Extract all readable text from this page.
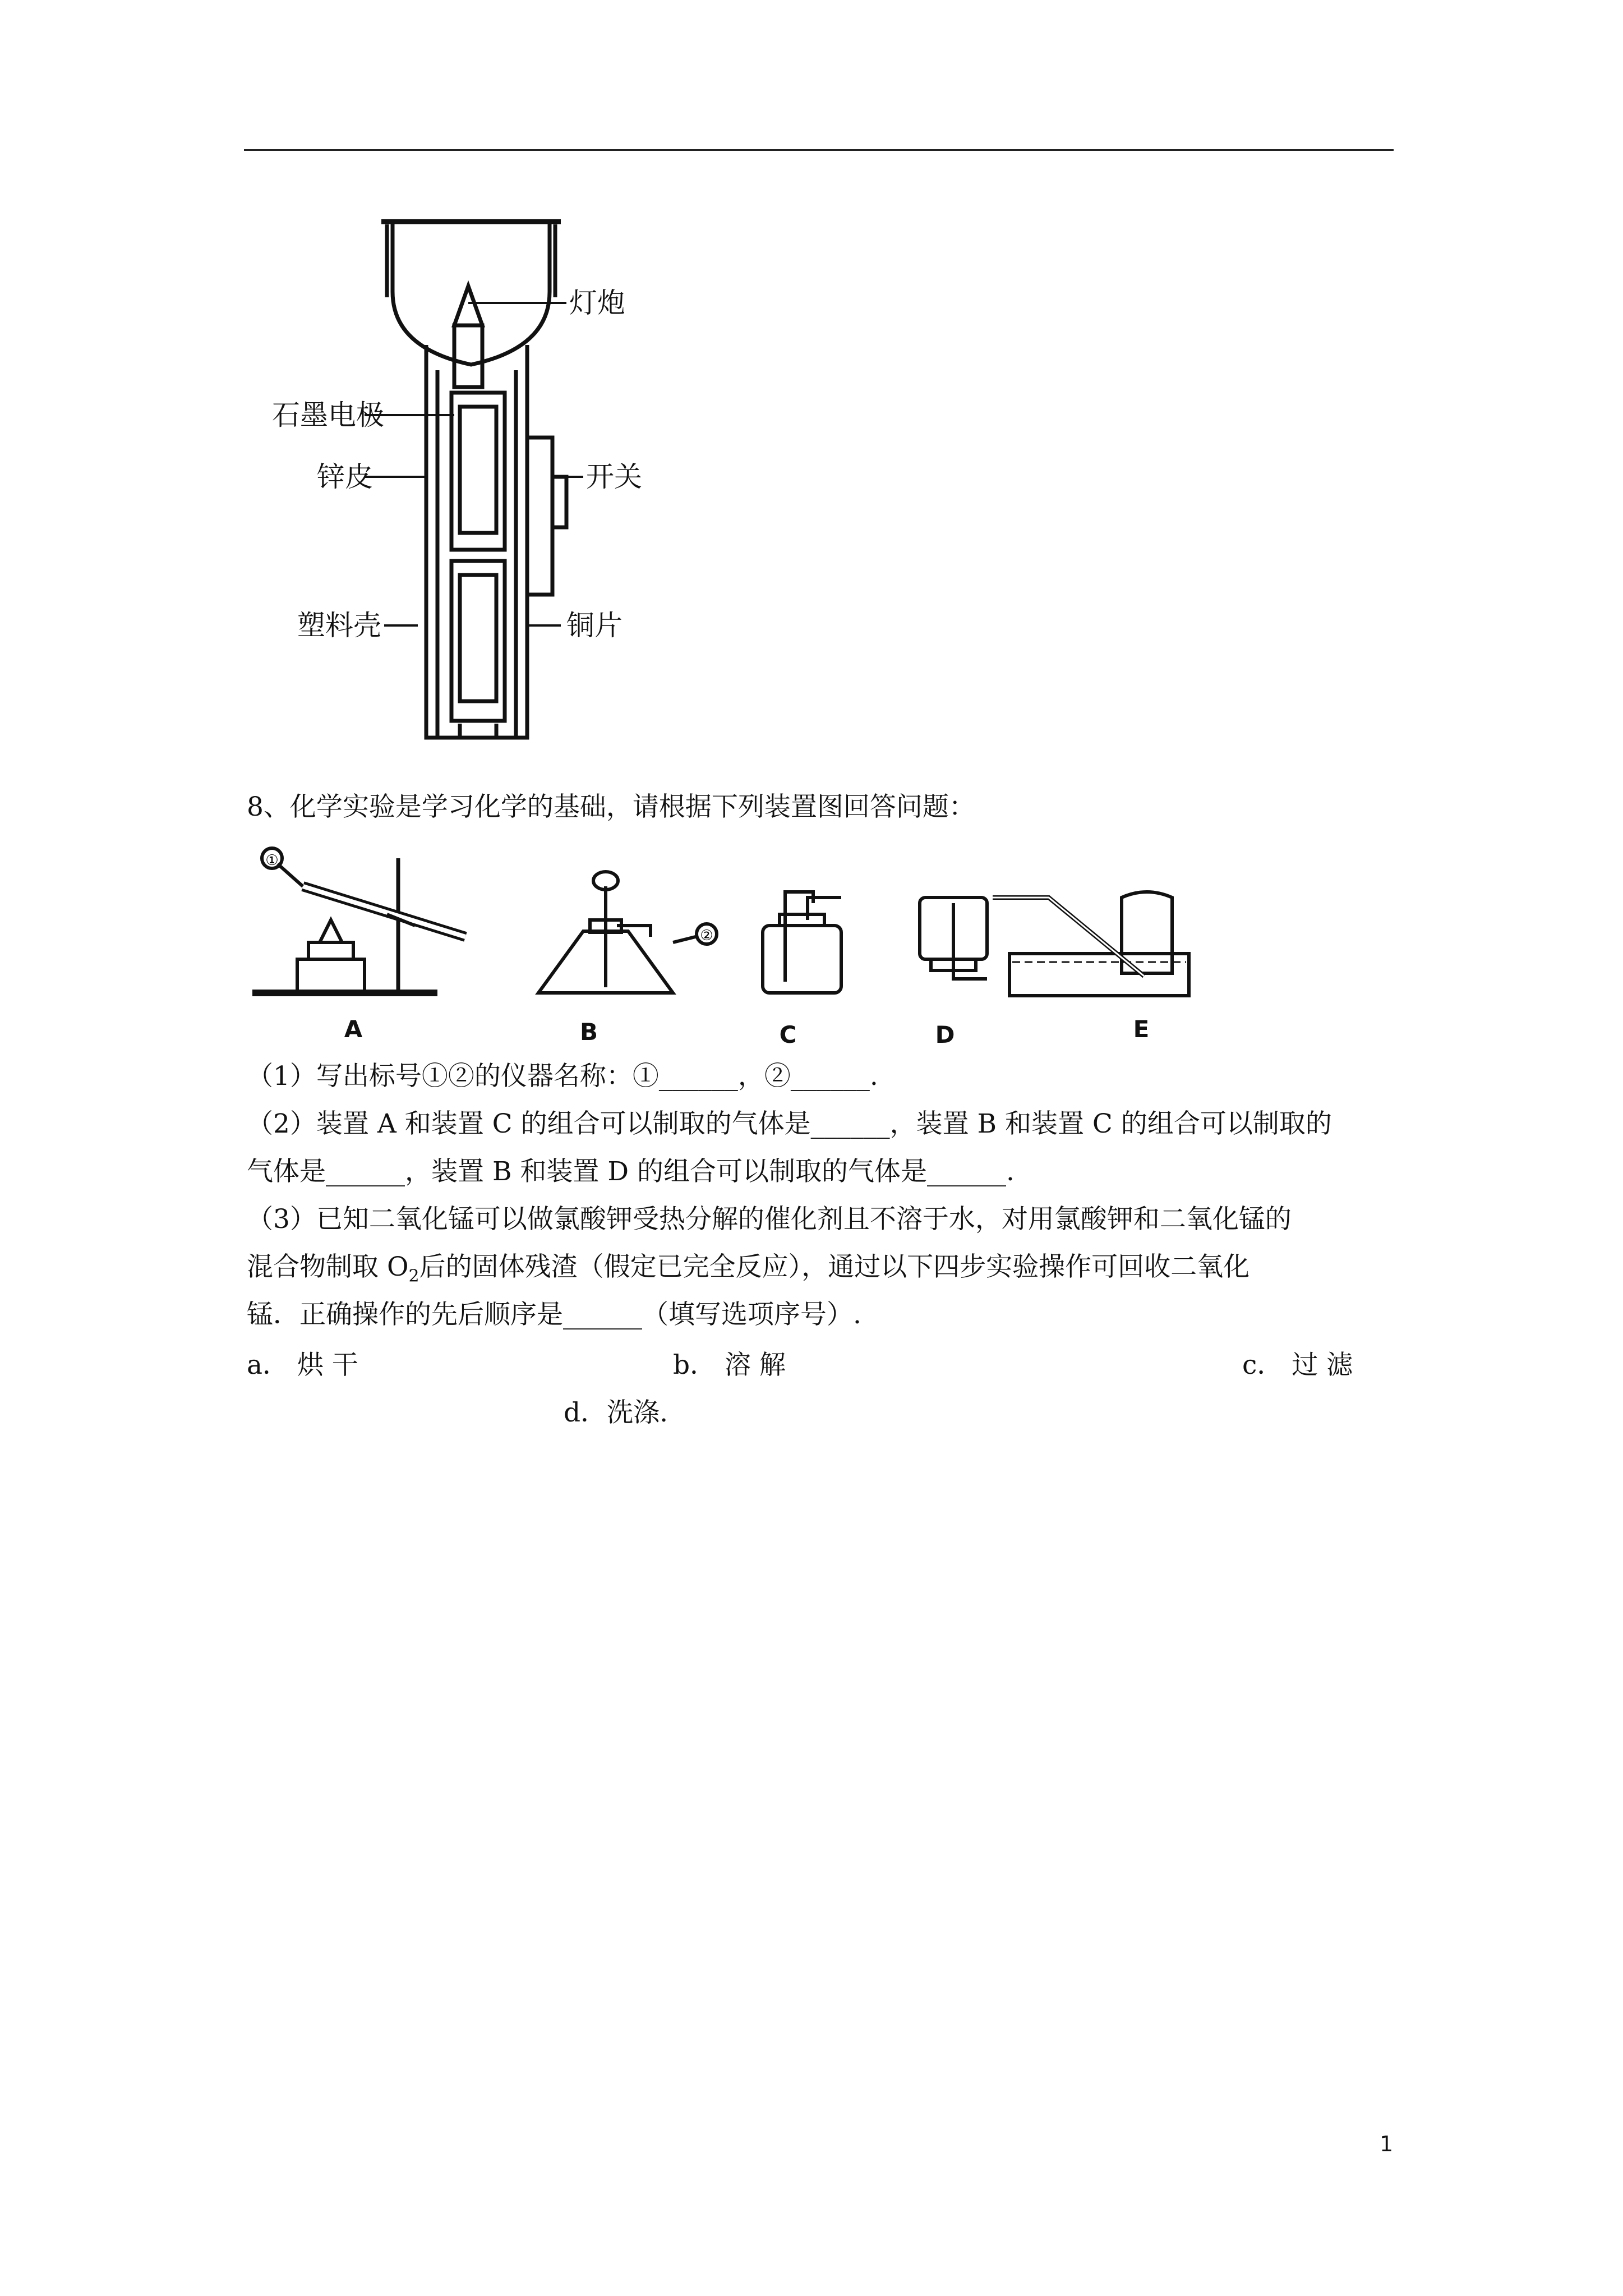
灯炮
石墨电极
锌皮	开关
塑料壳	铜片
8、化学实验是学习化学的基础，请根据下列装置图回答问题：
①
②
A	B	C	D	E
（1）写出标号①②的仪器名称：①______，②______.
（2）装置 A 和装置 C 的组合可以制取的气体是______，装置 B 和装置 C 的组合可以制取的
气体是______，装置 B 和装置 D 的组合可以制取的气体是______.
（3）已知二氧化锰可以做氯酸钾受热分解的催化剂且不溶于水，对用氯酸钾和二氧化锰的
混合物制取 $O_2$后的固体残渣（假定已完全反应），通过以下四步实验操作可回收二氧化
锰．正确操作的先后顺序是______（填写选项序号）.
a． 烘 干	b． 溶 解	c． 过 滤
d．洗涤.
1
